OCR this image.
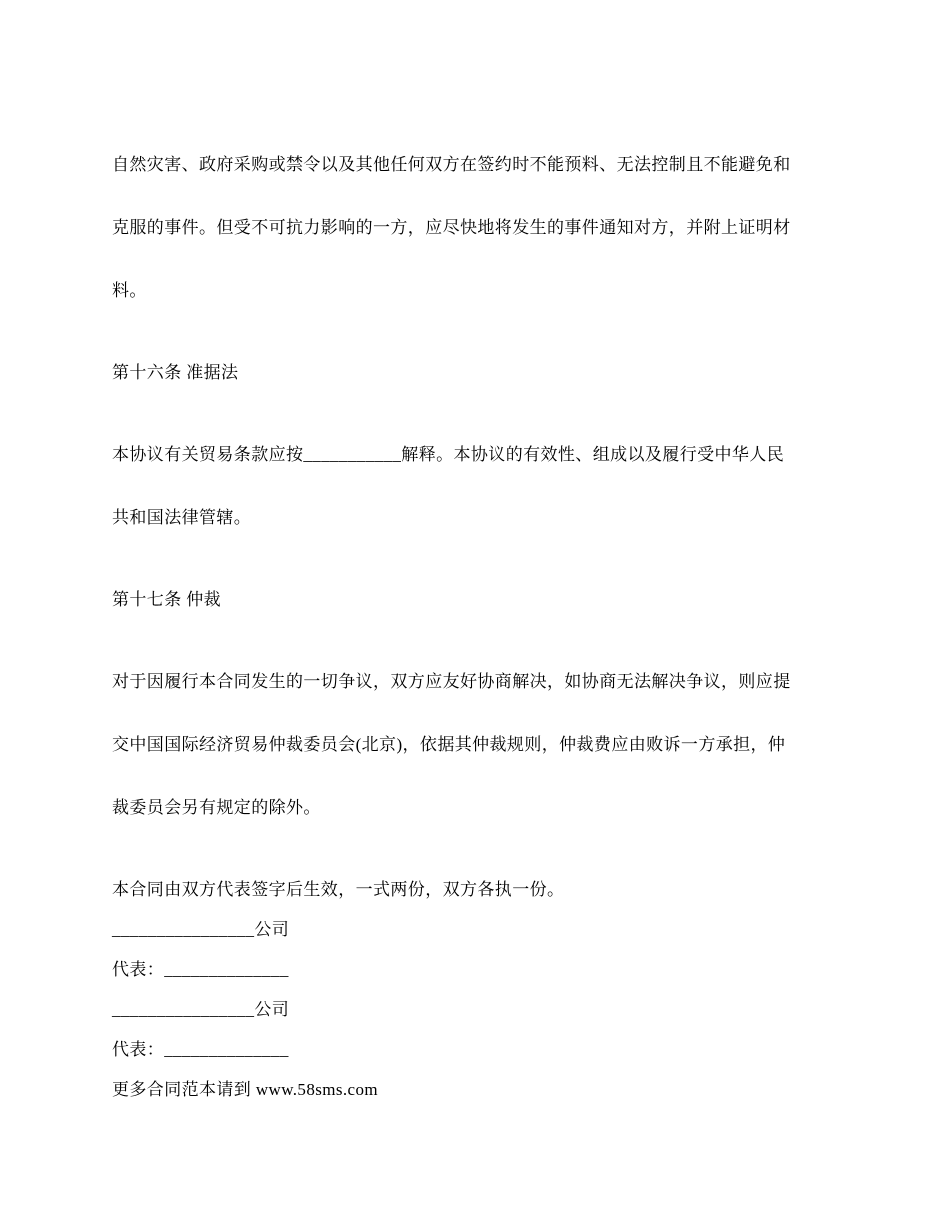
自然灾害、政府采购或禁令以及其他任何双方在签约时不能预料、无法控制且不能避免和

克服的事件。但受不可抗力影响的一方，应尽快地将发生的事件通知对方，并附上证明材

料。

第十六条 准据法

本协议有关贸易条款应按___________解释。本协议的有效性、组成以及履行受中华人民

共和国法律管辖。

第十七条 仲裁

对于因履行本合同发生的一切争议，双方应友好协商解决，如协商无法解决争议，则应提

交中国国际经济贸易仲裁委员会(北京)，依据其仲裁规则，仲裁费应由败诉一方承担，仲

裁委员会另有规定的除外。

本合同由双方代表签字后生效，一式两份，双方各执一份。
________________公司
代表：______________
________________公司
代表：______________
更多合同范本请到 www.58sms.com
